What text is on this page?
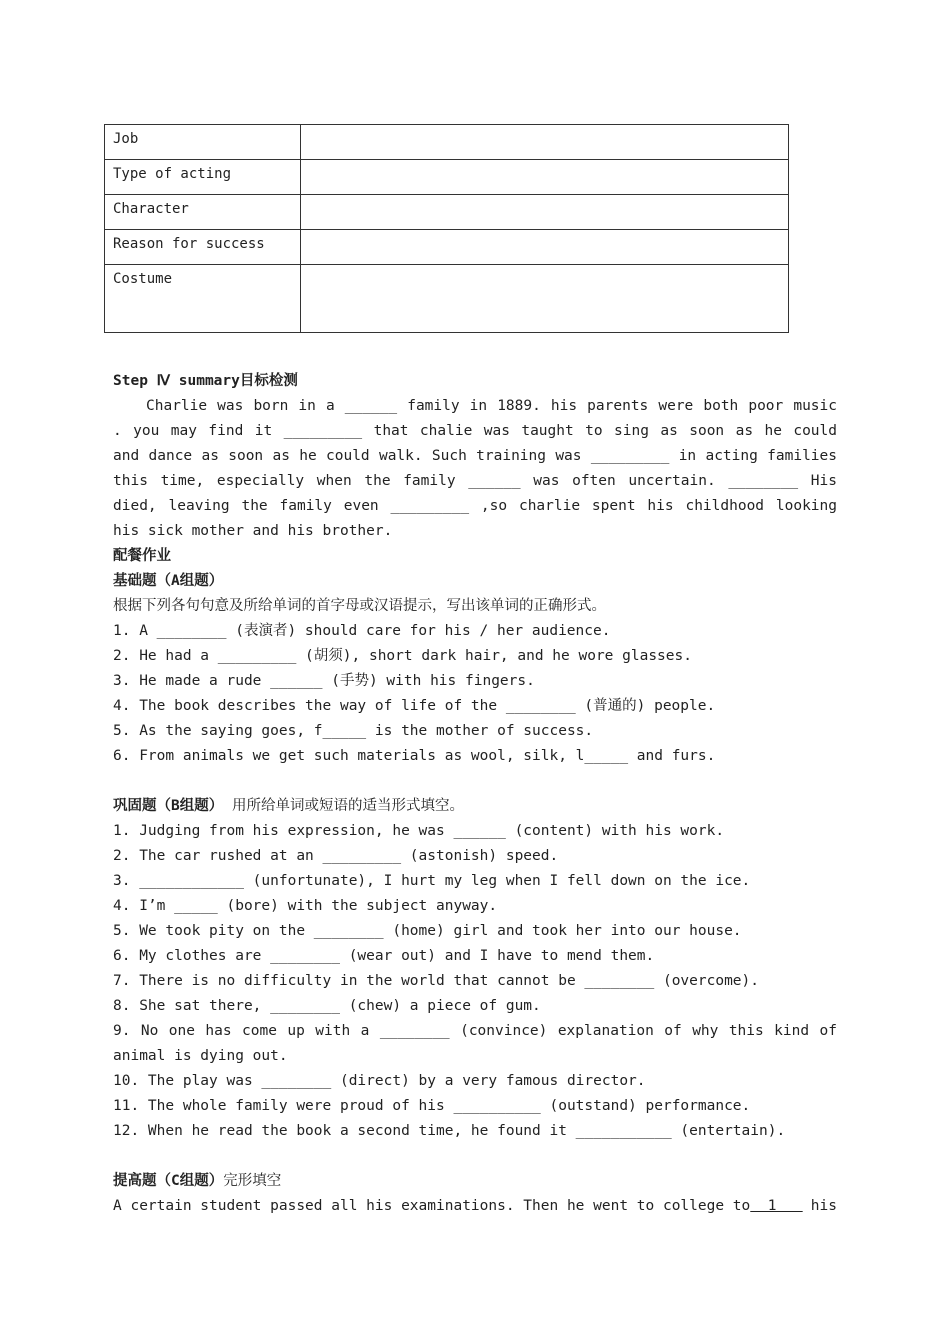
Job	
Type of acting	
Character	
Reason for success	
Costume	
Step Ⅳ summary目标检测
Charlie was born in a ______ family in 1889. his parents were both poor music
. you may find it _________ that chalie was taught to sing as soon as he could
and dance as soon as he could walk. Such training was _________ in acting families
this time, especially when the family ______ was often uncertain. ________ His
died, leaving the family even _________ ,so charlie spent his childhood looking
his sick mother and his brother.
配餐作业
基础题（A组题）
根据下列各句句意及所给单词的首字母或汉语提示，写出该单词的正确形式。
1. A ________ (表演者) should care for his / her audience.
2. He had a _________ (胡须), short dark hair, and he wore glasses.
3. He made a rude ______ (手势) with his fingers.
4. The book describes the way of life of the ________ (普通的) people.
5. As the saying goes, f_____ is the mother of success.
6. From animals we get such materials as wool, silk, l_____ and furs.
巩固题（B组题） 用所给单词或短语的适当形式填空。
1. Judging from his expression, he was ______ (content) with his work.
2. The car rushed at an _________ (astonish) speed.
3. ____________ (unfortunate), I hurt my leg when I fell down on the ice.
4. I’m _____ (bore) with the subject anyway.
5. We took pity on the ________ (home) girl and took her into our house.
6. My clothes are ________ (wear out) and I have to mend them.
7. There is no difficulty in the world that cannot be ________ (overcome).
8. She sat there, ________ (chew) a piece of gum.
9. No one has come up with a ________ (convince) explanation of why this kind of
animal is dying out.
10. The play was ________ (direct) by a very famous director.
11. The whole family were proud of his __________ (outstand) performance.
12. When he read the book a second time, he found it ___________ (entertain).
提高题（C组题）完形填空
A certain student passed all his examinations. Then he went to college to  1 his
